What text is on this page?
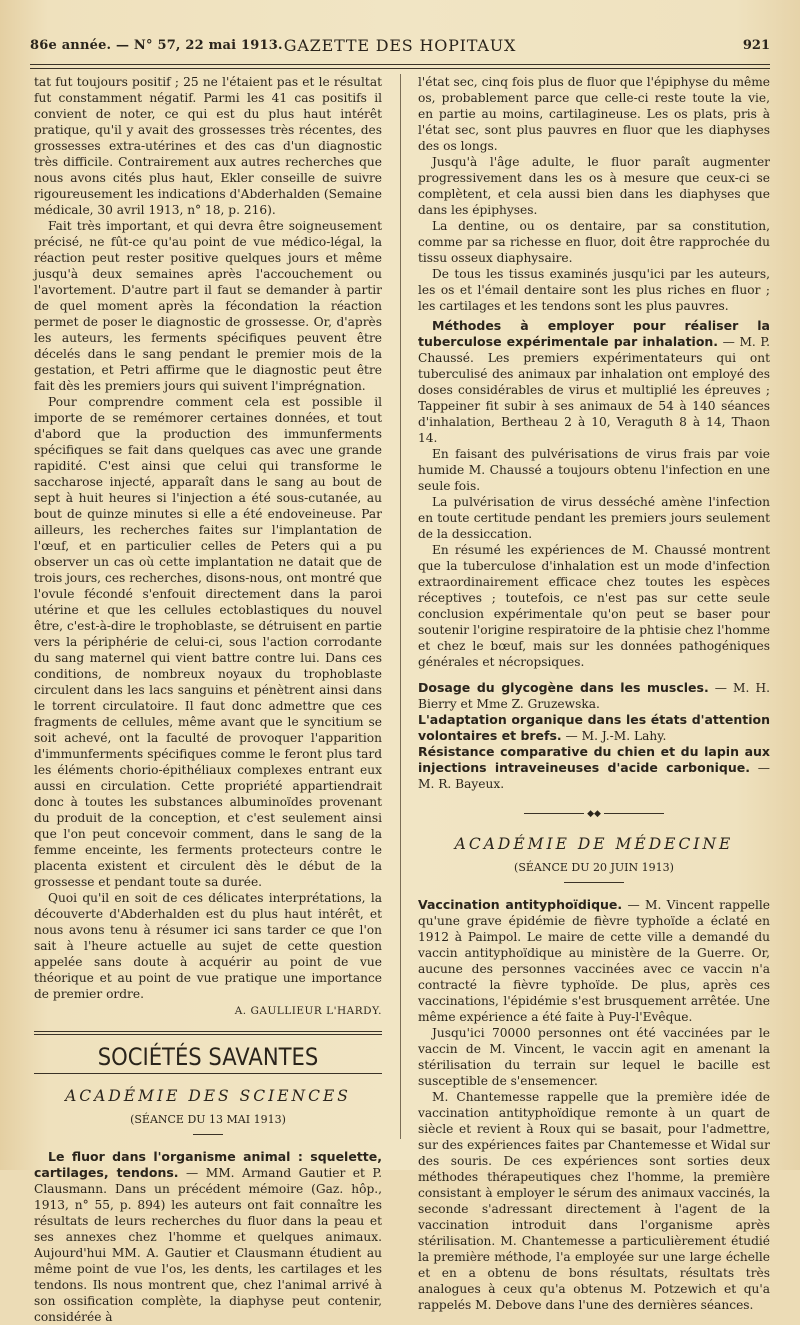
86e année. — N° 57, 22 mai 1913. GAZETTE DES HOPITAUX	921

tat fut toujours positif ; 25 ne l'étaient pas et le résultat fut constamment négatif. Parmi les 41 cas positifs il convient de noter, ce qui est du plus haut intérêt pratique, qu'il y avait des grossesses très récentes, des grossesses extra-utérines et des cas d'un diagnostic très difficile. Contrairement aux autres recherches que nous avons cités plus haut, Ekler conseille de suivre rigoureusement les indications d'Abderhalden (Semaine médicale, 30 avril 1913, n° 18, p. 216).

Fait très important, et qui devra être soigneusement précisé, ne fût-ce qu'au point de vue médico-légal, la réaction peut rester positive quelques jours et même jusqu'à deux semaines après l'accouchement ou l'avortement. D'autre part il faut se demander à partir de quel moment après la fécondation la réaction permet de poser le diagnostic de grossesse. Or, d'après les auteurs, les ferments spécifiques peuvent être décelés dans le sang pendant le premier mois de la gestation, et Petri affirme que le diagnostic peut être fait dès les premiers jours qui suivent l'imprégnation.

Pour comprendre comment cela est possible il importe de se remémorer certaines données, et tout d'abord que la production des immunferments spécifiques se fait dans quelques cas avec une grande rapidité. C'est ainsi que celui qui transforme le saccharose injecté, apparaît dans le sang au bout de sept à huit heures si l'injection a été sous-cutanée, au bout de quinze minutes si elle a été endoveineuse. Par ailleurs, les recherches faites sur l'implantation de l'œuf, et en particulier celles de Peters qui a pu observer un cas où cette implantation ne datait que de trois jours, ces recherches, disons-nous, ont montré que l'ovule fécondé s'enfouit directement dans la paroi utérine et que les cellules ectoblastiques du nouvel être, c'est-à-dire le trophoblaste, se détruisent en partie vers la périphérie de celui-ci, sous l'action corrodante du sang maternel qui vient battre contre lui. Dans ces conditions, de nombreux noyaux du trophoblaste circulent dans les lacs sanguins et pénètrent ainsi dans le torrent circulatoire. Il faut donc admettre que ces fragments de cellules, même avant que le syncitium se soit achevé, ont la faculté de provoquer l'apparition d'immunferments spécifiques comme le feront plus tard les éléments chorio-épithéliaux complexes entrant eux aussi en circulation. Cette propriété appartiendrait donc à toutes les substances albuminoïdes provenant du produit de la conception, et c'est seulement ainsi que l'on peut concevoir comment, dans le sang de la femme enceinte, les ferments protecteurs contre le placenta existent et circulent dès le début de la grossesse et pendant toute sa durée.

Quoi qu'il en soit de ces délicates interprétations, la découverte d'Abderhalden est du plus haut intérêt, et nous avons tenu à résumer ici sans tarder ce que l'on sait à l'heure actuelle au sujet de cette question appelée sans doute à acquérir au point de vue théorique et au point de vue pratique une importance de premier ordre.

A. GAULLIEUR L'HARDY.
SOCIÉTÉS SAVANTES
ACADÉMIE DES SCIENCES
(SÉANCE DU 13 MAI 1913)

Le fluor dans l'organisme animal : squelette, cartilages, tendons. — MM. Armand Gautier et P. Clausmann. Dans un précédent mémoire (Gaz. hôp., 1913, n° 55, p. 894) les auteurs ont fait connaître les résultats de leurs recherches du fluor dans la peau et ses annexes chez l'homme et quelques animaux. Aujourd'hui MM. A. Gautier et Clausmann étudient au même point de vue l'os, les dents, les cartilages et les tendons. Ils nous montrent que, chez l'animal arrivé à son ossification complète, la diaphyse peut contenir, considérée à

l'état sec, cinq fois plus de fluor que l'épiphyse du même os, probablement parce que celle-ci reste toute la vie, en partie au moins, cartilagineuse. Les os plats, pris à l'état sec, sont plus pauvres en fluor que les diaphyses des os longs.

Jusqu'à l'âge adulte, le fluor paraît augmenter progressivement dans les os à mesure que ceux-ci se complètent, et cela aussi bien dans les diaphyses que dans les épiphyses.

La dentine, ou os dentaire, par sa constitution, comme par sa richesse en fluor, doit être rapprochée du tissu osseux diaphysaire.

De tous les tissus examinés jusqu'ici par les auteurs, les os et l'émail dentaire sont les plus riches en fluor ; les cartilages et les tendons sont les plus pauvres.

Méthodes à employer pour réaliser la tuberculose expérimentale par inhalation. — M. P. Chaussé. Les premiers expérimentateurs qui ont tuberculisé des animaux par inhalation ont employé des doses considérables de virus et multiplié les épreuves ; Tappeiner fit subir à ses animaux de 54 à 140 séances d'inhalation, Bertheau 2 à 10, Veraguth 8 à 14, Thaon 14.

En faisant des pulvérisations de virus frais par voie humide M. Chaussé a toujours obtenu l'infection en une seule fois.

La pulvérisation de virus desséché amène l'infection en toute certitude pendant les premiers jours seulement de la dessiccation.

En résumé les expériences de M. Chaussé montrent que la tuberculose d'inhalation est un mode d'infection extraordinairement efficace chez toutes les espèces réceptives ; toutefois, ce n'est pas sur cette seule conclusion expérimentale qu'on peut se baser pour soutenir l'origine respiratoire de la phtisie chez l'homme et chez le bœuf, mais sur les données pathogéniques générales et nécropsiques.

Dosage du glycogène dans les muscles. — M. H. Bierry et Mme Z. Gruzewska.

L'adaptation organique dans les états d'attention volontaires et brefs. — M. J.-M. Lahy.

Résistance comparative du chien et du lapin aux injections intraveineuses d'acide carbonique. — M. R. Bayeux.

◆◆
ACADÉMIE DE MÉDECINE
(SÉANCE DU 20 JUIN 1913)

Vaccination antityphoïdique. — M. Vincent rappelle qu'une grave épidémie de fièvre typhoïde a éclaté en 1912 à Paimpol. Le maire de cette ville a demandé du vaccin antityphoïdique au ministère de la Guerre. Or, aucune des personnes vaccinées avec ce vaccin n'a contracté la fièvre typhoïde. De plus, après ces vaccinations, l'épidémie s'est brusquement arrêtée. Une même expérience a été faite à Puy-l'Evêque.

Jusqu'ici 70000 personnes ont été vaccinées par le vaccin de M. Vincent, le vaccin agit en amenant la stérilisation du terrain sur lequel le bacille est susceptible de s'ensemencer.

M. Chantemesse rappelle que la première idée de vaccination antityphoïdique remonte à un quart de siècle et revient à Roux qui se basait, pour l'admettre, sur des expériences faites par Chantemesse et Widal sur des souris. De ces expériences sont sorties deux méthodes thérapeutiques chez l'homme, la première consistant à employer le sérum des animaux vaccinés, la seconde s'adressant directement à l'agent de la vaccination introduit dans l'organisme après stérilisation. M. Chantemesse a particulièrement étudié la première méthode, l'a employée sur une large échelle et en a obtenu de bons résultats, résultats très analogues à ceux qu'a obtenus M. Potzewich et qu'a rappelés M. Debove dans l'une des dernières séances.
